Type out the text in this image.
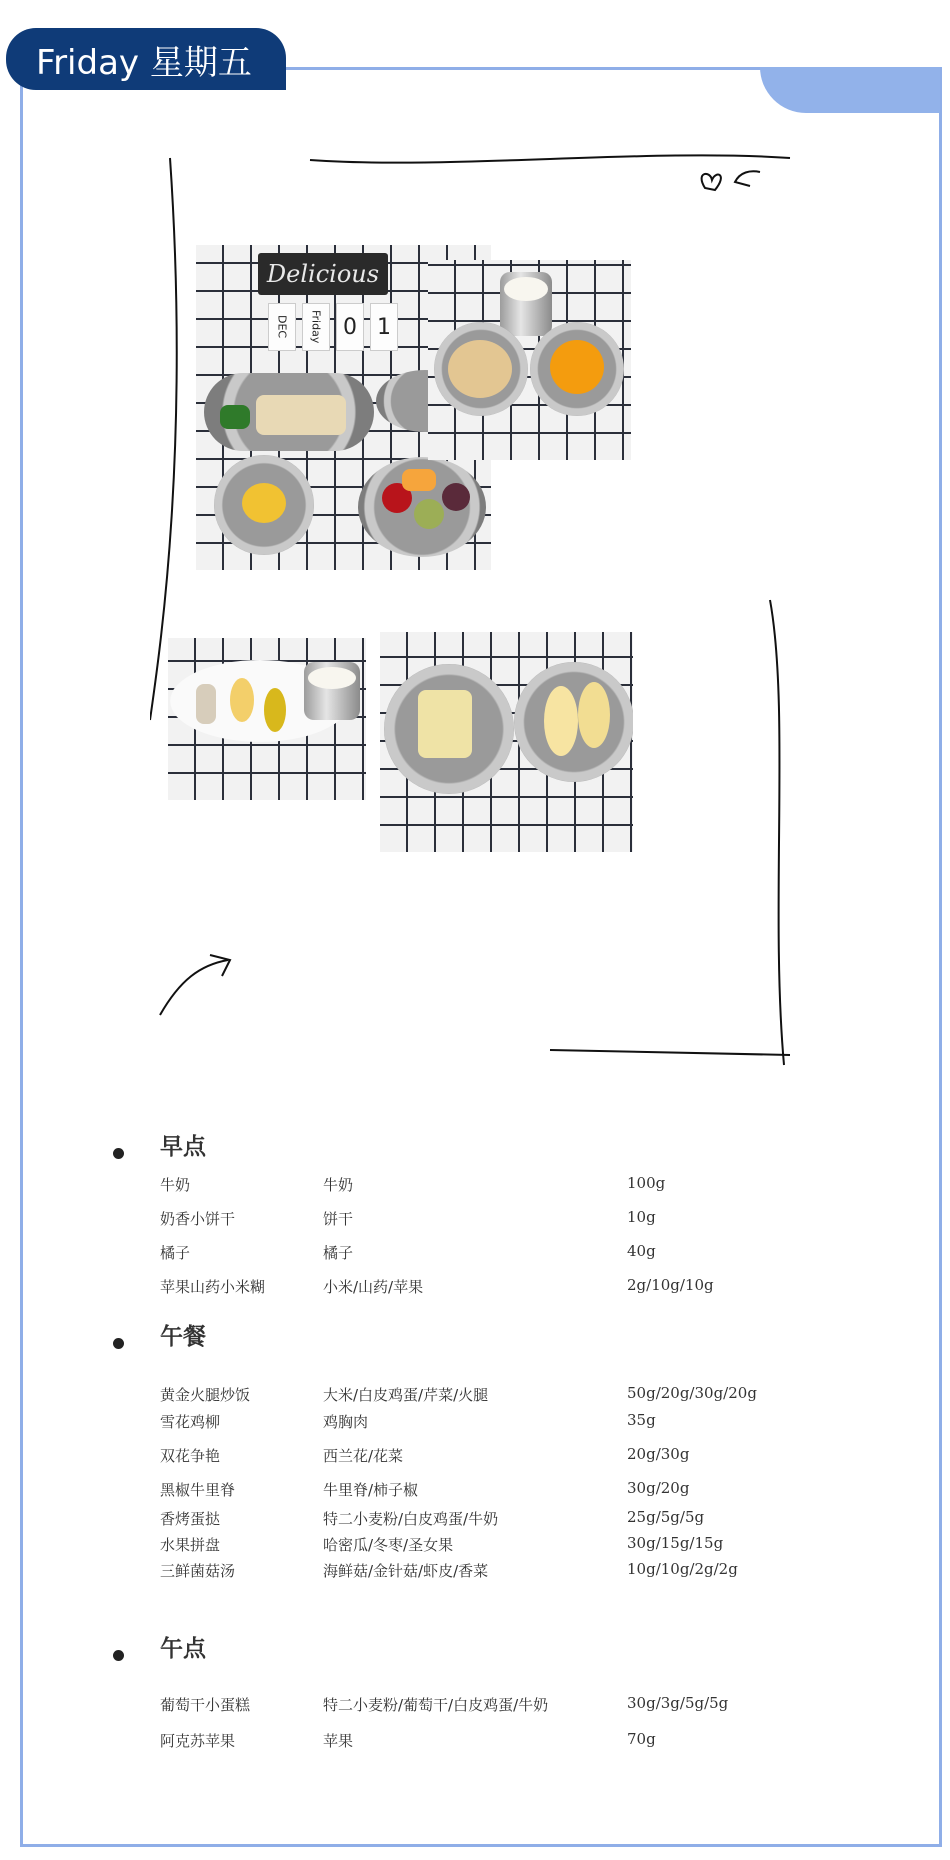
Friday 星期五
Delicious
DEC	Friday 0 1
早点
牛奶	牛奶	100g
奶香小饼干	饼干	10g
橘子	橘子	40g
苹果山药小米糊	小米/山药/苹果	2g/10g/10g
午餐
黄金火腿炒饭	大米/白皮鸡蛋/芹菜/火腿	50g/20g/30g/20g
雪花鸡柳	鸡胸肉	35g
双花争艳	西兰花/花菜	20g/30g
黑椒牛里脊	牛里脊/柿子椒	30g/20g
香烤蛋挞	特二小麦粉/白皮鸡蛋/牛奶	25g/5g/5g
水果拼盘	哈密瓜/冬枣/圣女果	30g/15g/15g
三鲜菌菇汤	海鲜菇/金针菇/虾皮/香菜	10g/10g/2g/2g
午点
葡萄干小蛋糕	特二小麦粉/葡萄干/白皮鸡蛋/牛奶	30g/3g/5g/5g
阿克苏苹果	苹果	70g
